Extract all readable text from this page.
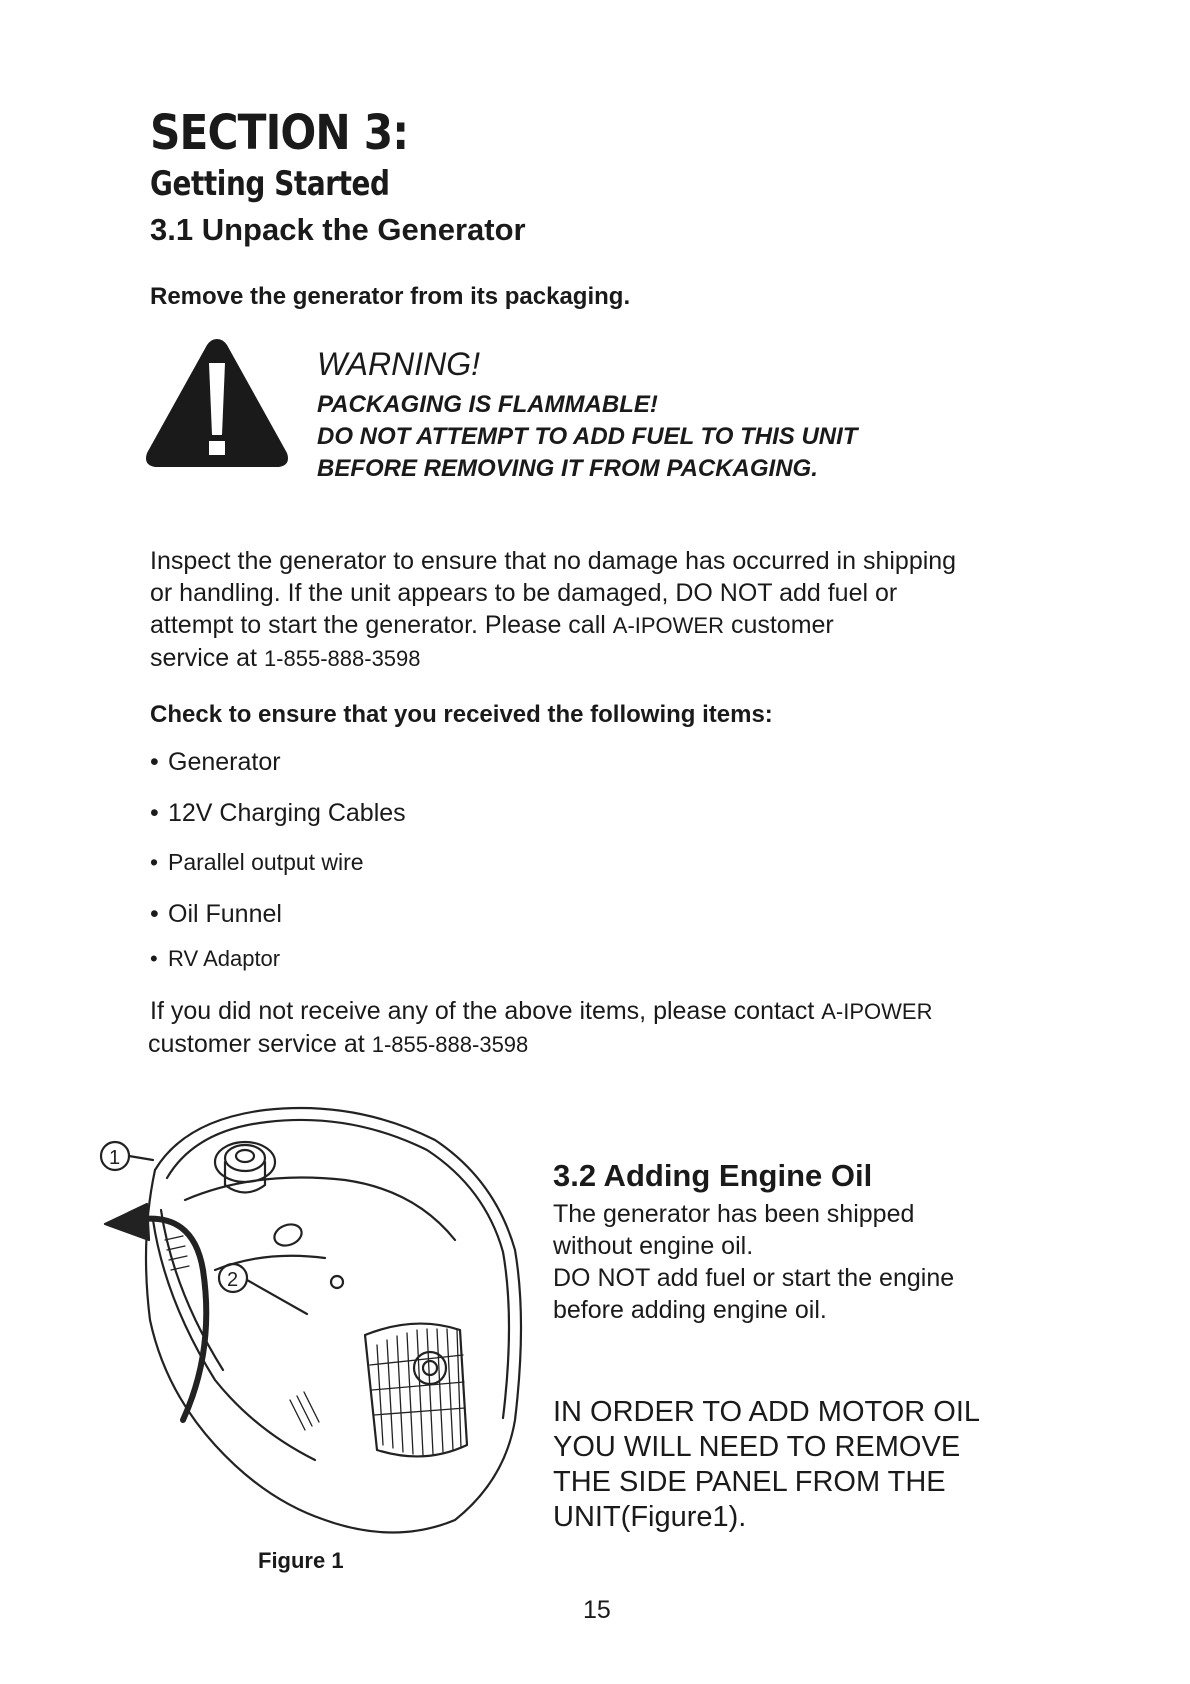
SECTION 3:
Getting Started
3.1 Unpack the Generator
Remove the generator from its packaging.
WARNING!
PACKAGING IS FLAMMABLE!
DO NOT ATTEMPT TO ADD FUEL TO THIS UNIT
BEFORE REMOVING IT FROM PACKAGING.
Inspect the generator to ensure that no damage has occurred in shipping
or handling. If the unit appears to be damaged, DO NOT add fuel or
attempt to start the generator. Please call A-IPOWER customer
service at 1-855-888-3598
Check to ensure that you received the following items:
• Generator
• 12V Charging Cables
• Parallel output wire
• Oil Funnel
• RV Adaptor
If you did not receive any of the above items, please contact A-IPOWER
customer service at 1-855-888-3598
1
2
Figure 1
3.2 Adding Engine Oil
The generator has been shipped
without engine oil.
DO NOT add fuel or start the engine
before adding engine oil.
IN ORDER TO ADD MOTOR OIL
YOU WILL NEED TO REMOVE
THE SIDE PANEL FROM THE
UNIT(Figure1).
15
